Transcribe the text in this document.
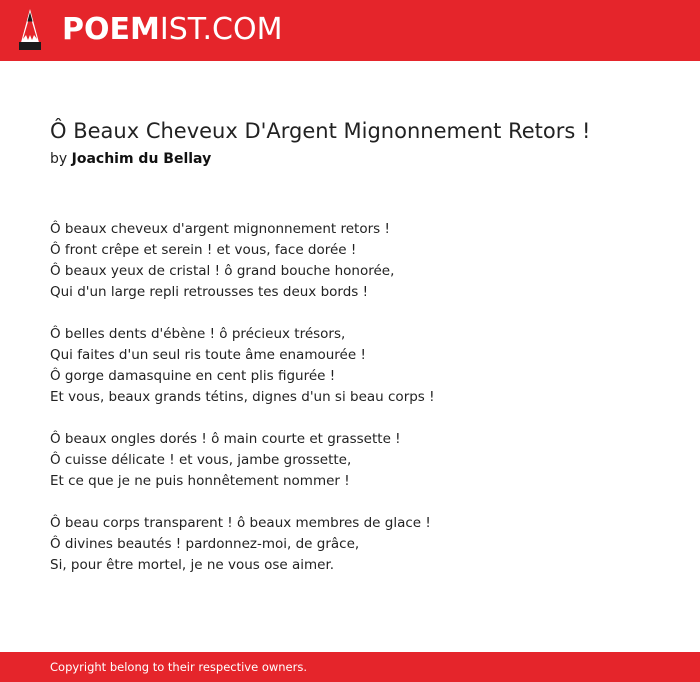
POEMIST.COM
Ô Beaux Cheveux D'Argent Mignonnement Retors !
by Joachim du Bellay
Ô beaux cheveux d'argent mignonnement retors !
Ô front crêpe et serein ! et vous, face dorée !
Ô beaux yeux de cristal ! ô grand bouche honorée,
Qui d'un large repli retrousses tes deux bords !
Ô belles dents d'ébène ! ô précieux trésors,
Qui faites d'un seul ris toute âme enamourée !
Ô gorge damasquine en cent plis figurée !
Et vous, beaux grands tétins, dignes d'un si beau corps !
Ô beaux ongles dorés ! ô main courte et grassette !
Ô cuisse délicate ! et vous, jambe grossette,
Et ce que je ne puis honnêtement nommer !
Ô beau corps transparent ! ô beaux membres de glace !
Ô divines beautés ! pardonnez-moi, de grâce,
Si, pour être mortel, je ne vous ose aimer.
Copyright belong to their respective owners.
